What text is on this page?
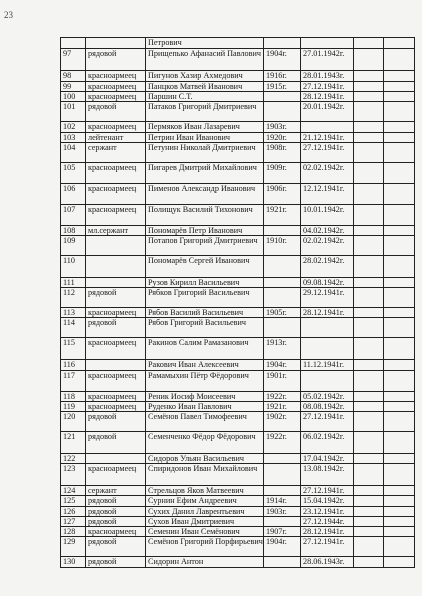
23
		Петрович				
97	рядовой	Прищепько Афанасий Павлович	1904г.	27.01.1942г.		
98	красноармеец	Пигунов Хазир Ахмедович	1916г.	28.01.1943г.		
99	красноармеец	Панцков Матвей Иванович	1915г.	27.12.1941г.		
100	красноармеец	Паршин С.Т.		28.12.1941г.		
101	рядовой	Патаков Григорий Дмитриевич		20.01.1942г.		
102	красноармеец	Пермяков Иван Лазаревич	1903г.			
103	лейтенант	Петрин Иван Иванович	1920г.	21.12.1941г.		
104	сержант	Петунин Николай Дмитриевич	1908г.	27.12.1941г.		
105	красноармеец	Пигарев Дмитрий Михайлович	1909г.	02.02.1942г.		
106	красноармеец	Пименов Александр Иванович	1906г.	12.12.1941г.		
107	красноармеец	Полищук Василий Тихонович	1921г.	10.01.1942г.		
108	мл.сержант	Пономарёв Петр Иванович		04.02.1942г.		
109		Потапов Григорий Дмитриевич	1910г.	02.02.1942г.		
110		Пономарёв Сергей Иванович		28.02.1942г.		
111		Рузов Кирилл Васильевич		09.08.1942г.		
112	рядовой	Рябков Григорий Васильевич		29.12.1941г.		
113	красноармеец	Рябов Василий Васильевич	1905г.	28.12.1941г.		
114	рядовой	Рябов Григорий Васильевич				
115	красноармеец	Ракинов Салим Рамазанович	1913г.			
116		Ракович Иван Алексеевич	1904г.	11.12.1941г.		
117	красноармеец	Рамамыхин Пётр Фёдорович	1901г.			
118	красноармеец	Реник Иосиф Моисеевич	1922г.	05.02.1942г.		
119	красноармеец	Руденко Иван Павлович	1921г.	08.08.1942г.		
120	рядовой	Семёнов Павел Тимофеевич	1902г.	27.12.1941г.		
121	рядовой	Семенченко Фёдор Фёдорович	1922г.	06.02.1942г.		
122		Сидоров Ульян Васильевич		17.04.1942г.		
123	красноармеец	Спиридонов Иван Михайлович		13.08.1942г.		
124	сержант	Стрельцов Яков Матвеевич		27.12.1941г.		
125	рядовой	Сурнин Ефим Андреевич	1914г.	15.04.1942г.		
126	рядовой	Сухих Данил Лаврентьевич	1903г.	23.12.1941г.		
127	рядовой	Сухов Иван Дмитриевич		27.12.1944г.		
128	красноармеец	Семенин Иван Семёнович	1907г.	28.12.1941г.		
129	рядовой	Семёнов Григорий Порфирьевич	1904г.	27.12.1941г.		
130	рядовой	Сидорин Антон		28.06.1943г.		
